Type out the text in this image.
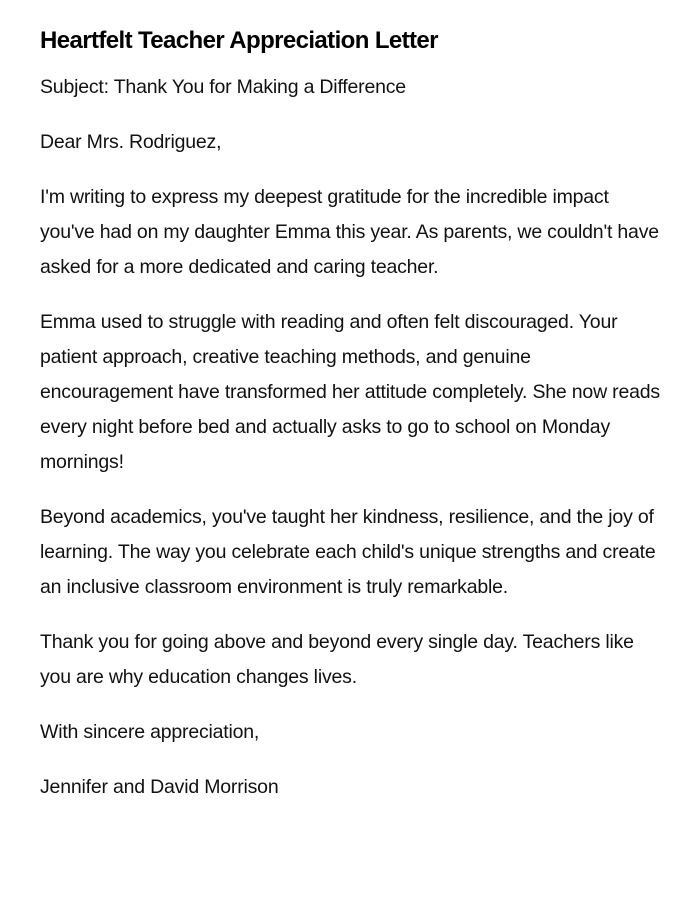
Heartfelt Teacher Appreciation Letter

Subject: Thank You for Making a Difference

Dear Mrs. Rodriguez,

I'm writing to express my deepest gratitude for the incredible impact you've had on my daughter Emma this year. As parents, we couldn't have asked for a more dedicated and caring teacher.

Emma used to struggle with reading and often felt discouraged. Your patient approach, creative teaching methods, and genuine encouragement have transformed her attitude completely. She now reads every night before bed and actually asks to go to school on Monday mornings!

Beyond academics, you've taught her kindness, resilience, and the joy of learning. The way you celebrate each child's unique strengths and create an inclusive classroom environment is truly remarkable.

Thank you for going above and beyond every single day. Teachers like you are why education changes lives.

With sincere appreciation,

Jennifer and David Morrison
